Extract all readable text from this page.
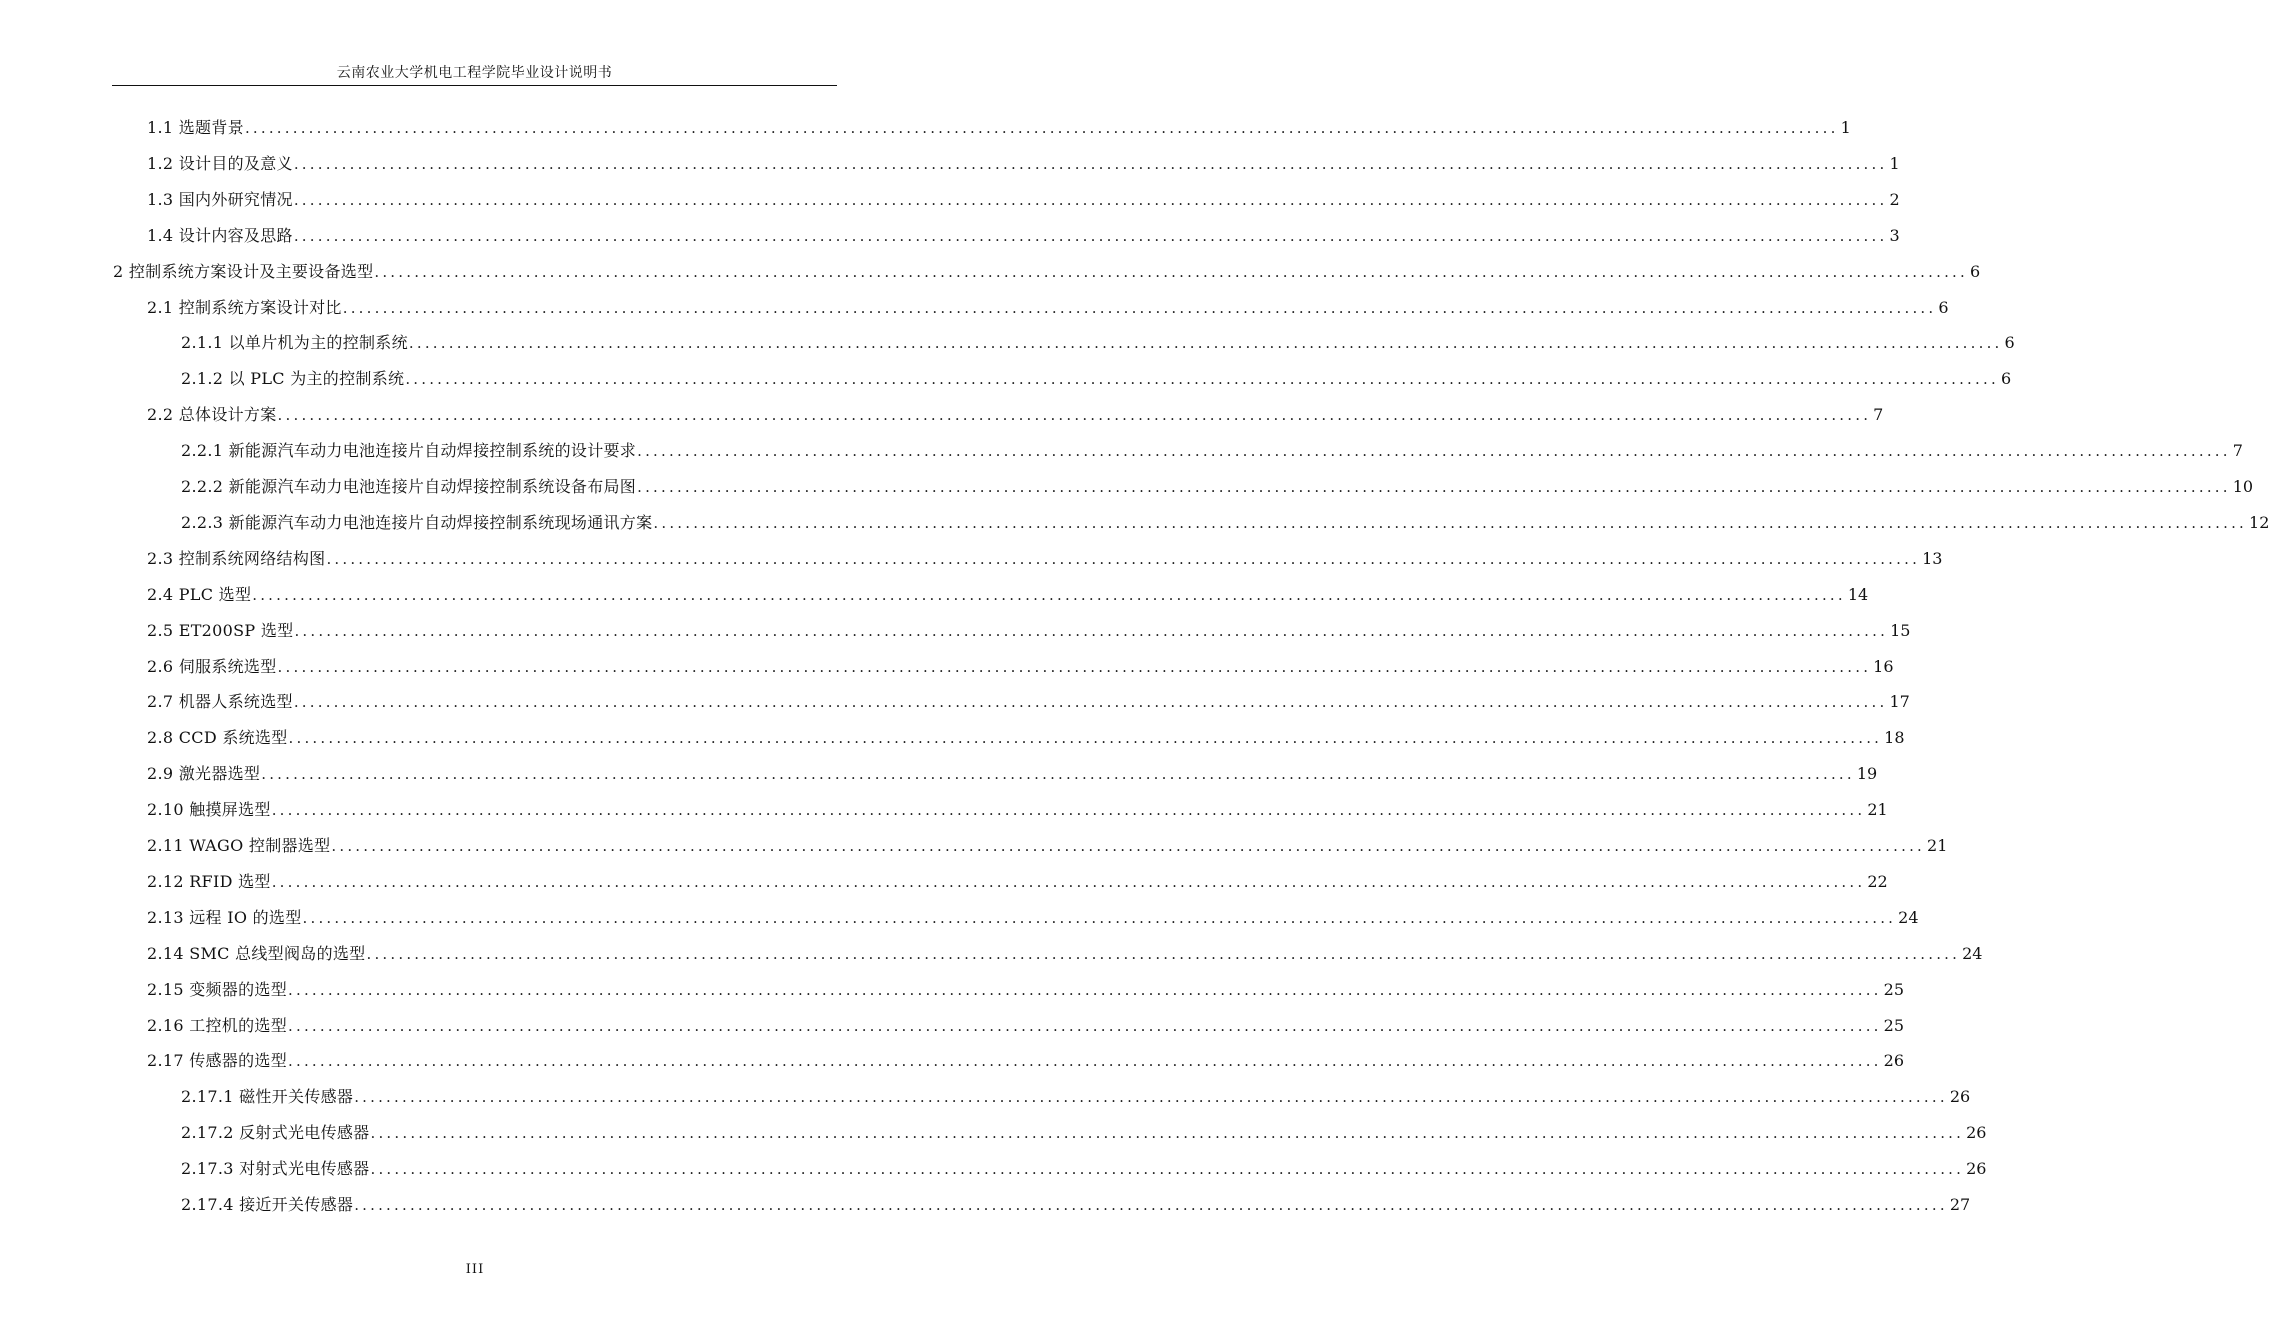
云南农业大学机电工程学院毕业设计说明书
1.1 选题背景 ........................................................................................................................................................................................................ 1
1.2 设计目的及意义 ........................................................................................................................................................................................................ 1
1.3 国内外研究情况 ........................................................................................................................................................................................................ 2
1.4 设计内容及思路 ........................................................................................................................................................................................................ 3
2 控制系统方案设计及主要设备选型 ........................................................................................................................................................................................................ 6
2.1 控制系统方案设计对比 ........................................................................................................................................................................................................ 6
2.1.1 以单片机为主的控制系统 ........................................................................................................................................................................................................ 6
2.1.2 以 PLC 为主的控制系统 ........................................................................................................................................................................................................ 6
2.2 总体设计方案 ........................................................................................................................................................................................................ 7
2.2.1 新能源汽车动力电池连接片自动焊接控制系统的设计要求 ........................................................................................................................................................................................................ 7
2.2.2 新能源汽车动力电池连接片自动焊接控制系统设备布局图 ........................................................................................................................................................................................................ 10
2.2.3 新能源汽车动力电池连接片自动焊接控制系统现场通讯方案 ........................................................................................................................................................................................................ 12
2.3 控制系统网络结构图 ........................................................................................................................................................................................................ 13
2.4 PLC 选型 ........................................................................................................................................................................................................ 14
2.5 ET200SP 选型 ........................................................................................................................................................................................................ 15
2.6 伺服系统选型 ........................................................................................................................................................................................................ 16
2.7 机器人系统选型 ........................................................................................................................................................................................................ 17
2.8 CCD 系统选型 ........................................................................................................................................................................................................ 18
2.9 激光器选型 ........................................................................................................................................................................................................ 19
2.10 触摸屏选型 ........................................................................................................................................................................................................ 21
2.11 WAGO 控制器选型 ........................................................................................................................................................................................................ 21
2.12 RFID 选型 ........................................................................................................................................................................................................ 22
2.13 远程 IO 的选型 ........................................................................................................................................................................................................ 24
2.14 SMC 总线型阀岛的选型 ........................................................................................................................................................................................................ 24
2.15 变频器的选型 ........................................................................................................................................................................................................ 25
2.16 工控机的选型 ........................................................................................................................................................................................................ 25
2.17 传感器的选型 ........................................................................................................................................................................................................ 26
2.17.1 磁性开关传感器 ........................................................................................................................................................................................................ 26
2.17.2 反射式光电传感器 ........................................................................................................................................................................................................ 26
2.17.3 对射式光电传感器 ........................................................................................................................................................................................................ 26
2.17.4 接近开关传感器 ........................................................................................................................................................................................................ 27
III
